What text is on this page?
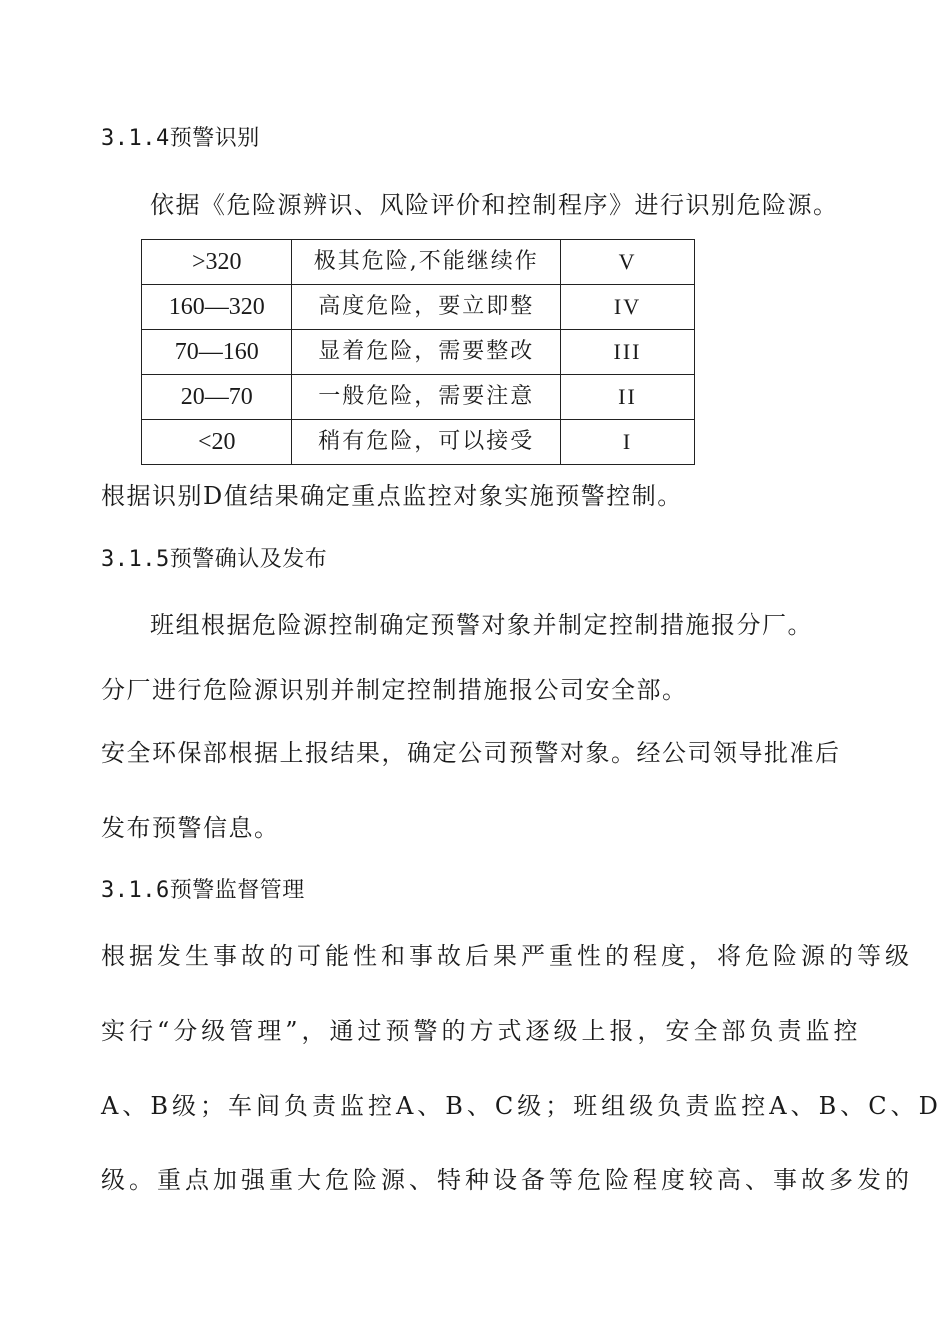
3.1.4预警识别
依据《危险源辨识、风险评价和控制程序》进行识别危险源。
>320	极其危险,不能继续作	V
160—320	高度危险，要立即整	IV
70—160	显着危险，需要整改	III
20—70	一般危险，需要注意	II
<20	稍有危险，可以接受	I
根据识别D值结果确定重点监控对象实施预警控制。
3.1.5预警确认及发布
班组根据危险源控制确定预警对象并制定控制措施报分厂。
分厂进行危险源识别并制定控制措施报公司安全部。
安全环保部根据上报结果，确定公司预警对象。经公司领导批准后
发布预警信息。
3.1.6预警监督管理
根据发生事故的可能性和事故后果严重性的程度，将危险源的等级
实行“分级管理”，通过预警的方式逐级上报，安全部负责监控
A、B级；车间负责监控A、B、C级；班组级负责监控A、B、C、D
级。重点加强重大危险源、特种设备等危险程度较高、事故多发的
